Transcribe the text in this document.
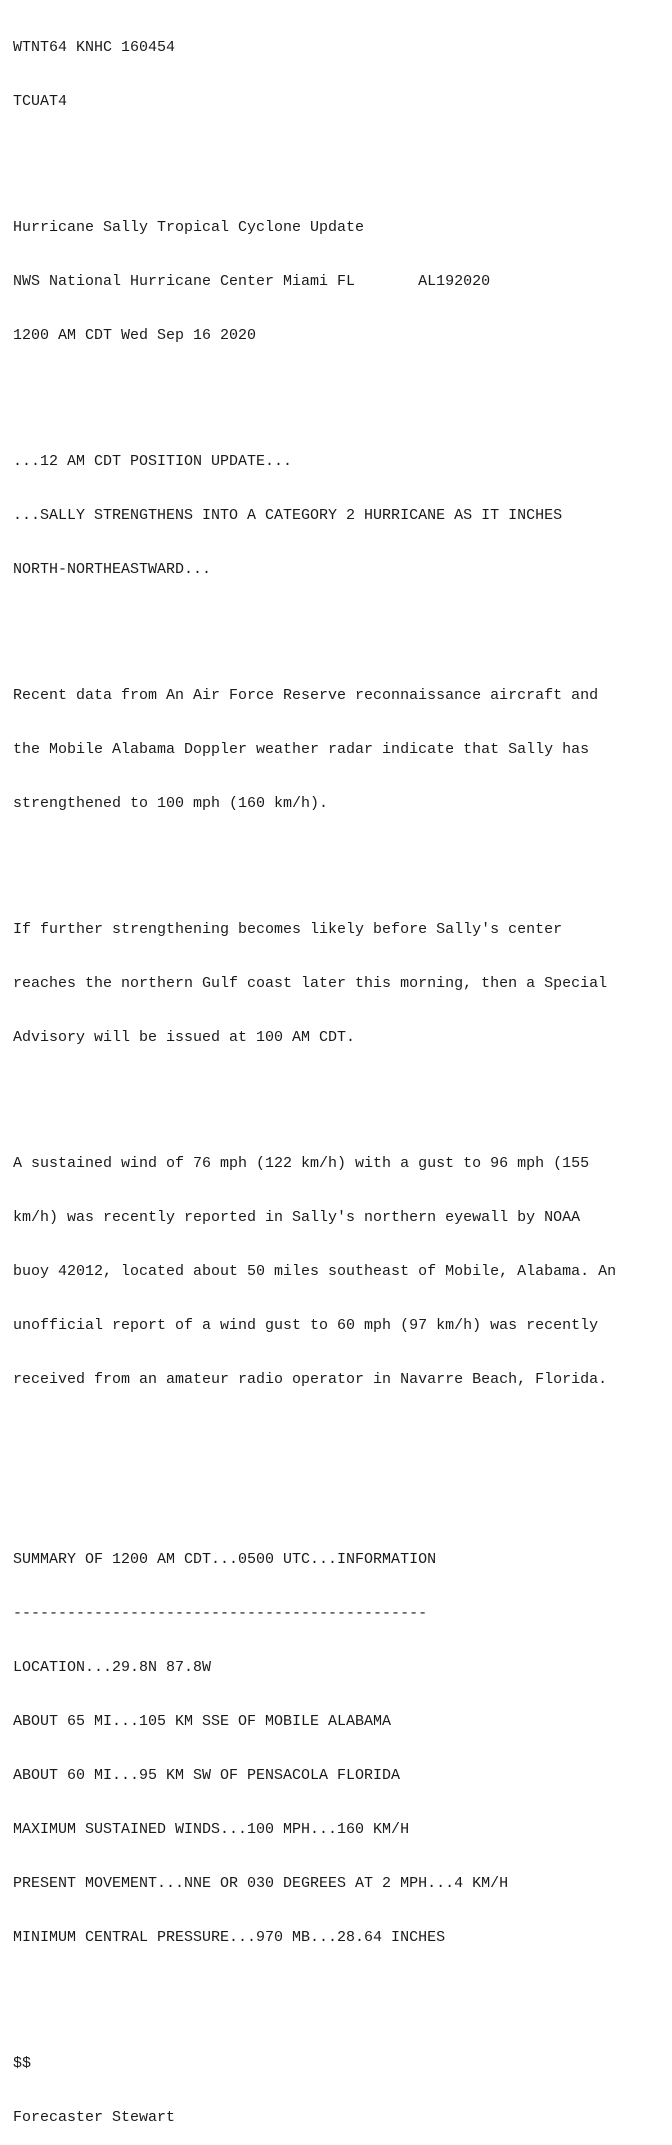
WTNT64 KNHC 160454

TCUAT4

Hurricane Sally Tropical Cyclone Update

NWS National Hurricane Center Miami FL       AL192020

1200 AM CDT Wed Sep 16 2020

...12 AM CDT POSITION UPDATE...

...SALLY STRENGTHENS INTO A CATEGORY 2 HURRICANE AS IT INCHES

NORTH-NORTHEASTWARD...

Recent data from An Air Force Reserve reconnaissance aircraft and

the Mobile Alabama Doppler weather radar indicate that Sally has

strengthened to 100 mph (160 km/h).

If further strengthening becomes likely before Sally's center

reaches the northern Gulf coast later this morning, then a Special

Advisory will be issued at 100 AM CDT.

A sustained wind of 76 mph (122 km/h) with a gust to 96 mph (155

km/h) was recently reported in Sally's northern eyewall by NOAA

buoy 42012, located about 50 miles southeast of Mobile, Alabama. An

unofficial report of a wind gust to 60 mph (97 km/h) was recently

received from an amateur radio operator in Navarre Beach, Florida.

SUMMARY OF 1200 AM CDT...0500 UTC...INFORMATION

----------------------------------------------

LOCATION...29.8N 87.8W

ABOUT 65 MI...105 KM SSE OF MOBILE ALABAMA

ABOUT 60 MI...95 KM SW OF PENSACOLA FLORIDA

MAXIMUM SUSTAINED WINDS...100 MPH...160 KM/H

PRESENT MOVEMENT...NNE OR 030 DEGREES AT 2 MPH...4 KM/H

MINIMUM CENTRAL PRESSURE...970 MB...28.64 INCHES

$$

Forecaster Stewart
